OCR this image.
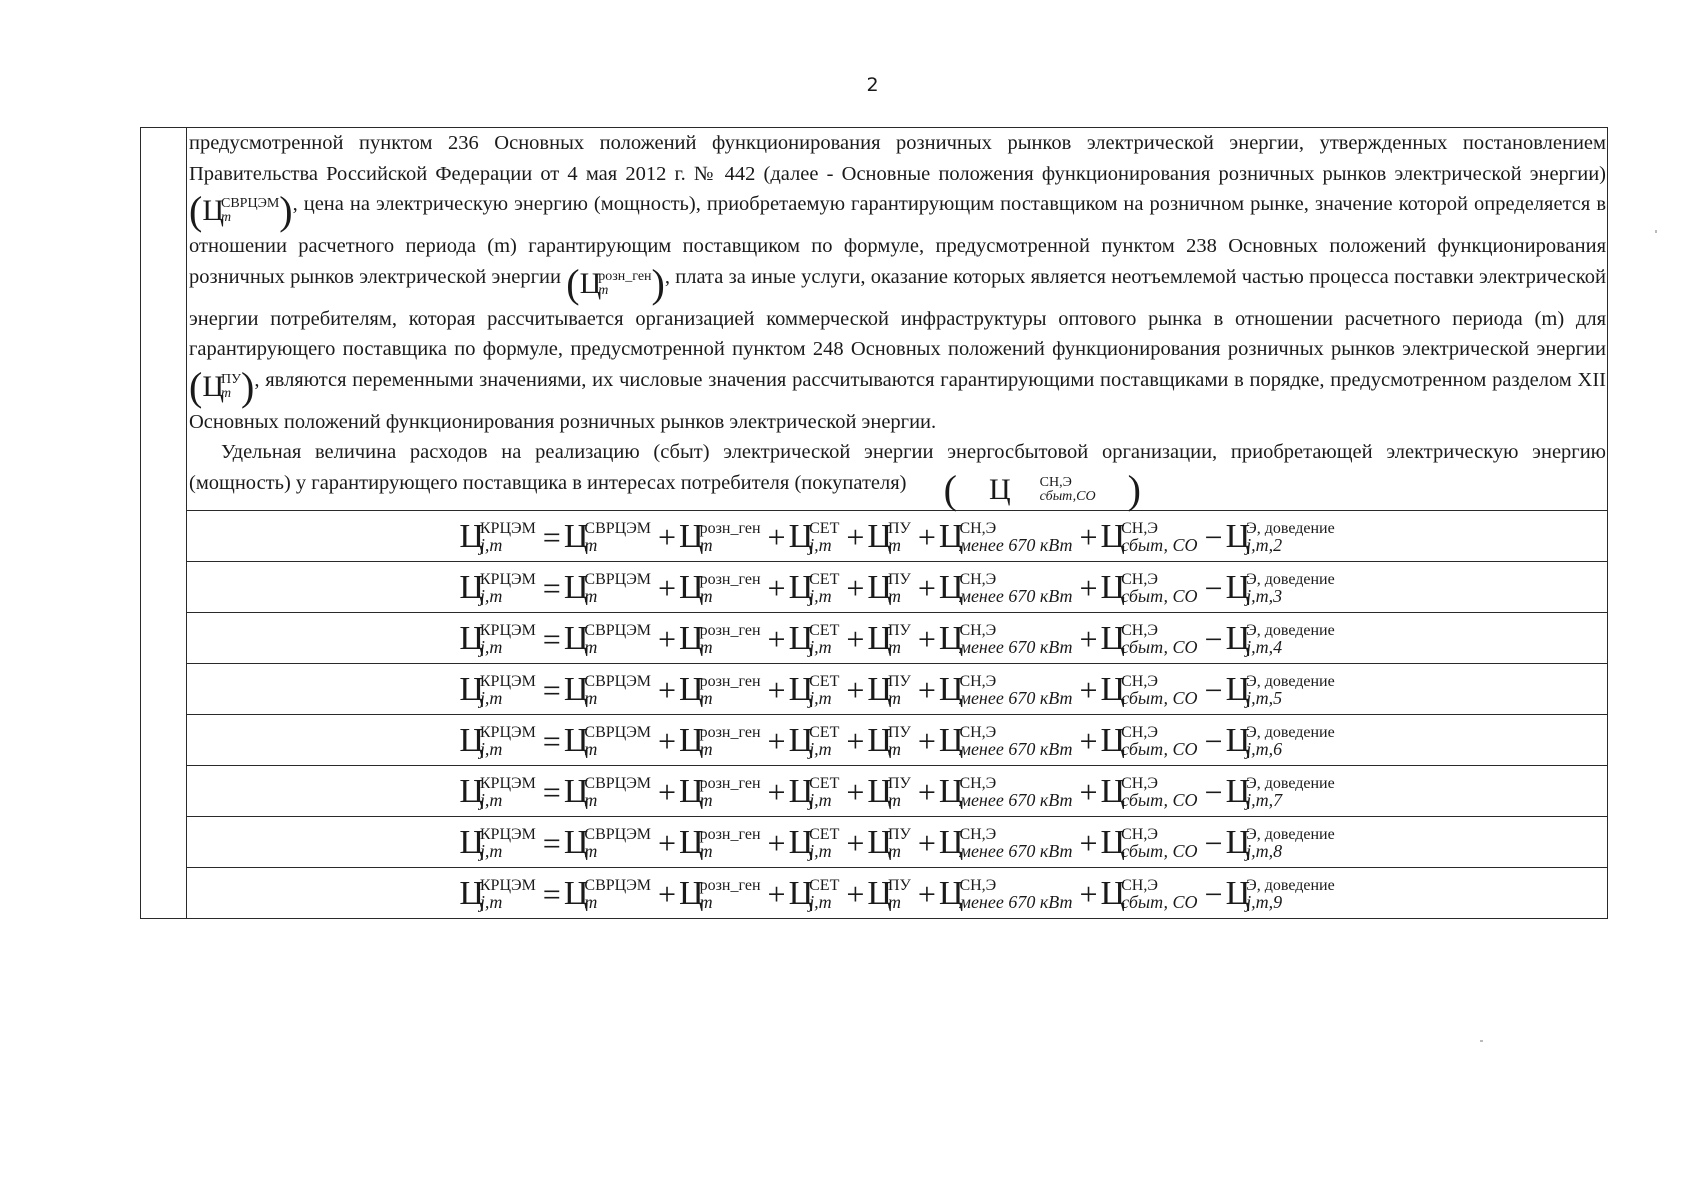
2

предусмотренной пунктом 236 Основных положений функционирования розничных рынков электрической энергии, утвержденных постановлением Правительства Российской Федерации от 4 мая 2012 г. № 442 (далее - Основные положения функционирования розничных рынков электрической энергии)
( Ц
СВРЦЭМ
m	) , цена на электрическую энергию (мощность), приобретаемую гарантирующим поставщиком на розничном рынке, значение которой определяется в отношении расчетного периода (m) гарантирующим поставщиком по формуле, предусмотренной пунктом 238 Основных положений функционирования розничных рынков электрической энергии ( Ц
розн_ген
m	) , плата за иные услуги, оказание которых является неотъемлемой частью процесса поставки электрической энергии потребителям, которая рассчитывается организацией коммерческой инфраструктуры оптового рынка в отношении расчетного периода (m) для гарантирующего поставщика по формуле, предусмотренной пунктом 248 Основных положений функционирования розничных рынков электрической энергии
( Ц
ПУ
m ) , являются переменными значениями, их числовые значения рассчитываются гарантирующими поставщиками в порядке, предусмотренном разделом XII Основных положений функционирования розничных рынков электрической энергии.

Удельная величина расходов на реализацию (сбыт) электрической энергии энергосбытовой организации, приобретающей электрическую энергию (мощность) у гарантирующего поставщика в интересах потребителя (покупателя) (	Ц	СН,Э
сбыт,СО )

Ц
КРЦЭМ
j,m = Ц
СВРЦЭМ
m + Ц
розн_ген
m + Ц
СЕТ
j,m + Ц
ПУ
m + Ц
СН,Э
менее 670 кВт + Ц
СН,Э
сбыт, СО − Ц
Э, доведение
j,m,2

Ц
КРЦЭМ
j,m = Ц
СВРЦЭМ
m + Ц
розн_ген
m + Ц
СЕТ
j,m + Ц
ПУ
m + Ц
СН,Э
менее 670 кВт + Ц
СН,Э
сбыт, СО − Ц
Э, доведение
j,m,3

Ц
КРЦЭМ
j,m = Ц
СВРЦЭМ
m + Ц
розн_ген
m + Ц
СЕТ
j,m + Ц
ПУ
m + Ц
СН,Э
менее 670 кВт + Ц
СН,Э
сбыт, СО − Ц
Э, доведение
j,m,4

Ц
КРЦЭМ
j,m = Ц
СВРЦЭМ
m + Ц
розн_ген
m + Ц
СЕТ
j,m + Ц
ПУ
m + Ц
СН,Э
менее 670 кВт + Ц
СН,Э
сбыт, СО − Ц
Э, доведение
j,m,5

Ц
КРЦЭМ
j,m = Ц
СВРЦЭМ
m + Ц
розн_ген
m + Ц
СЕТ
j,m + Ц
ПУ
m + Ц
СН,Э
менее 670 кВт + Ц
СН,Э
сбыт, СО − Ц
Э, доведение
j,m,6

Ц
КРЦЭМ
j,m = Ц
СВРЦЭМ
m + Ц
розн_ген
m + Ц
СЕТ
j,m + Ц
ПУ
m + Ц
СН,Э
менее 670 кВт + Ц
СН,Э
сбыт, СО − Ц
Э, доведение
j,m,7

Ц
КРЦЭМ
j,m = Ц
СВРЦЭМ
m + Ц
розн_ген
m + Ц
СЕТ
j,m + Ц
ПУ
m + Ц
СН,Э
менее 670 кВт + Ц
СН,Э
сбыт, СО − Ц
Э, доведение
j,m,8

Ц
КРЦЭМ
j,m = Ц
СВРЦЭМ
m + Ц
розн_ген
m + Ц
СЕТ
j,m + Ц
ПУ
m + Ц
СН,Э
менее 670 кВт + Ц
СН,Э
сбыт, СО − Ц
Э, доведение
j,m,9
